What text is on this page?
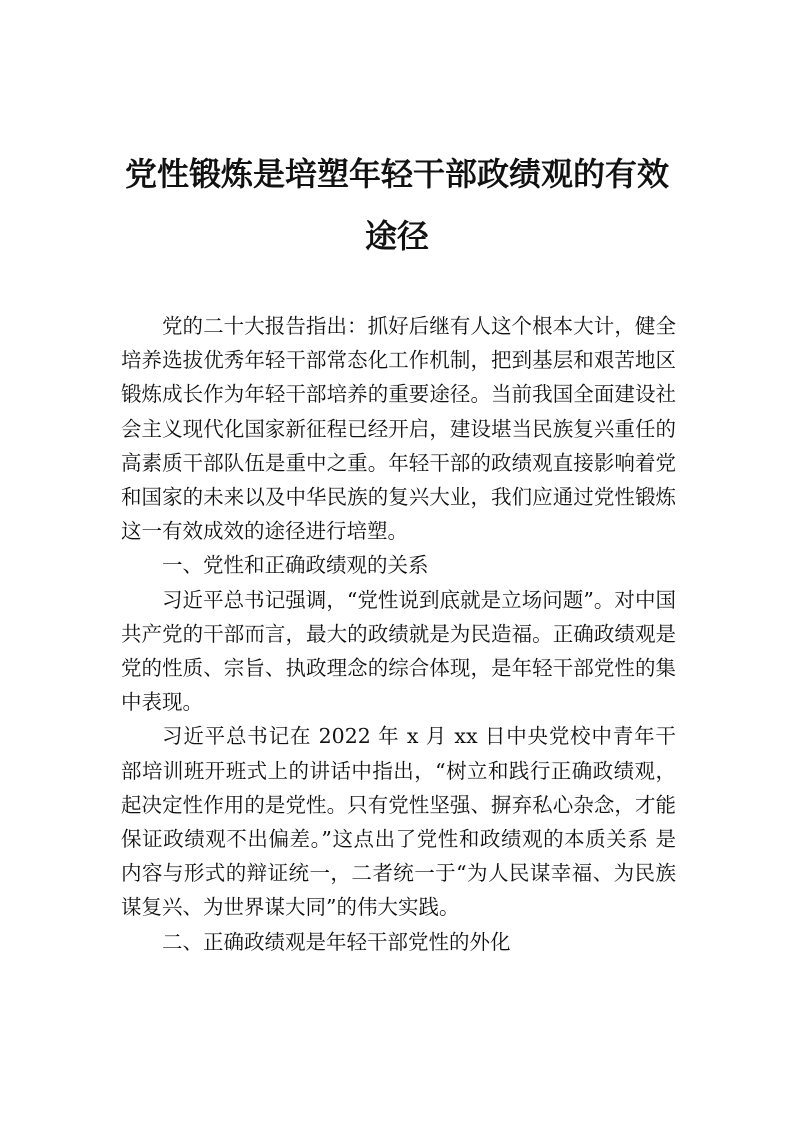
党性锻炼是培塑年轻干部政绩观的有效途径

党的二十大报告指出：抓好后继有人这个根本大计，健全培养选拔优秀年轻干部常态化工作机制，把到基层和艰苦地区锻炼成长作为年轻干部培养的重要途径。当前我国全面建设社会主义现代化国家新征程已经开启，建设堪当民族复兴重任的高素质干部队伍是重中之重。年轻干部的政绩观直接影响着党和国家的未来以及中华民族的复兴大业，我们应通过党性锻炼这一有效成效的途径进行培塑。

一、党性和正确政绩观的关系

习近平总书记强调，“党性说到底就是立场问题”。对中国共产党的干部而言，最大的政绩就是为民造福。正确政绩观是党的性质、宗旨、执政理念的综合体现，是年轻干部党性的集中表现。

习近平总书记在 2022 年 x 月 xx 日中央党校中青年干部培训班开班式上的讲话中指出，“树立和践行正确政绩观，起决定性作用的是党性。只有党性坚强、摒弃私心杂念，才能保证政绩观不出偏差。”这点出了党性和政绩观的本质关系 是内容与形式的辩证统一，二者统一于“为人民谋幸福、为民族谋复兴、为世界谋大同”的伟大实践。

二、正确政绩观是年轻干部党性的外化
